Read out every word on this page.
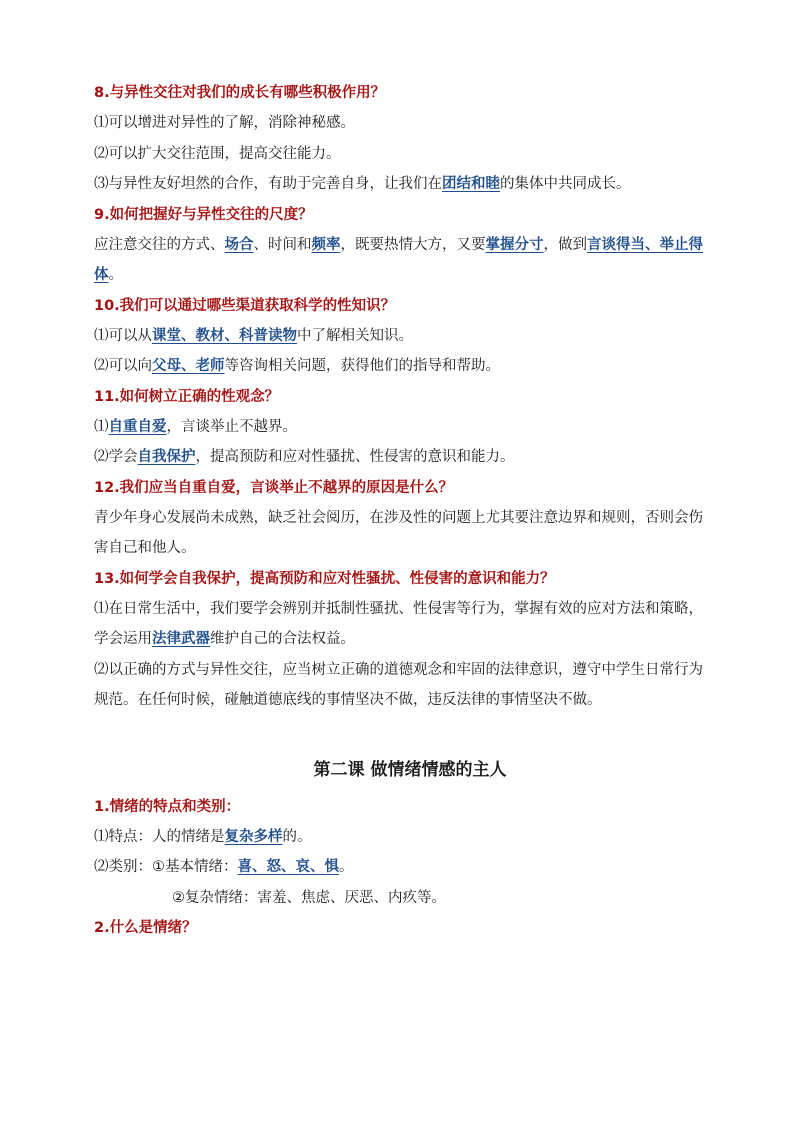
8.与异性交往对我们的成长有哪些积极作用？
⑴可以增进对异性的了解，消除神秘感。
⑵可以扩大交往范围，提高交往能力。
⑶与异性友好坦然的合作，有助于完善自身，让我们在团结和睦的集体中共同成长。
9.如何把握好与异性交往的尺度？
应注意交往的方式、场合、时间和频率，既要热情大方，又要掌握分寸，做到言谈得当、举止得体。
10.我们可以通过哪些渠道获取科学的性知识？
⑴可以从课堂、教材、科普读物中了解相关知识。
⑵可以向父母、老师等咨询相关问题，获得他们的指导和帮助。
11.如何树立正确的性观念？
⑴自重自爱，言谈举止不越界。
⑵学会自我保护，提高预防和应对性骚扰、性侵害的意识和能力。
12.我们应当自重自爱，言谈举止不越界的原因是什么？
青少年身心发展尚未成熟，缺乏社会阅历，在涉及性的问题上尤其要注意边界和规则，否则会伤害自己和他人。
13.如何学会自我保护，提高预防和应对性骚扰、性侵害的意识和能力？
⑴在日常生活中，我们要学会辨别并抵制性骚扰、性侵害等行为，掌握有效的应对方法和策略，学会运用法律武器维护自己的合法权益。
⑵以正确的方式与异性交往，应当树立正确的道德观念和牢固的法律意识，遵守中学生日常行为规范。在任何时候，碰触道德底线的事情坚决不做，违反法律的事情坚决不做。
第二课 做情绪情感的主人
1.情绪的特点和类别：
⑴特点：人的情绪是复杂多样的。
⑵类别：①基本情绪：喜、怒、哀、惧。
②复杂情绪：害羞、焦虑、厌恶、内疚等。
2.什么是情绪？
